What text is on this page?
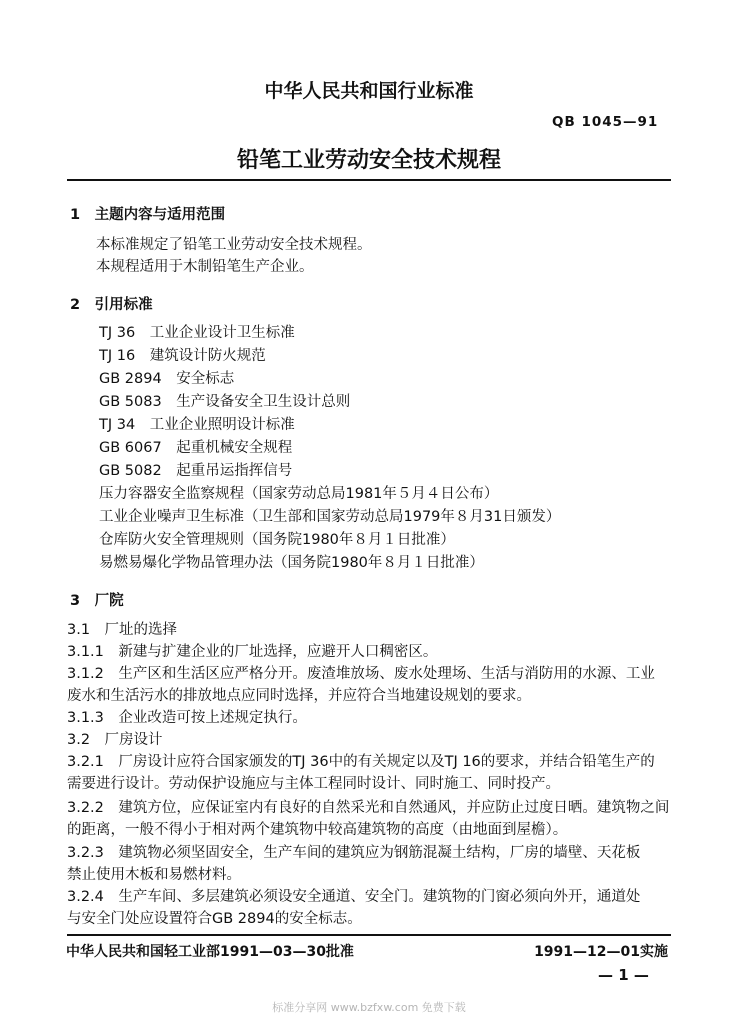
中华人民共和国行业标准
QB 1045—91
铅笔工业劳动安全技术规程
1　主题内容与适用范围
本标准规定了铅笔工业劳动安全技术规程。
本规程适用于木制铅笔生产企业。
2　引用标准
TJ 36　工业企业设计卫生标准
TJ 16　建筑设计防火规范
GB 2894　安全标志
GB 5083　生产设备安全卫生设计总则
TJ 34　工业企业照明设计标准
GB 6067　起重机械安全规程
GB 5082　起重吊运指挥信号
压力容器安全监察规程（国家劳动总局1981年５月４日公布）
工业企业噪声卫生标准（卫生部和国家劳动总局1979年８月31日颁发）
仓库防火安全管理规则（国务院1980年８月１日批准）
易燃易爆化学物品管理办法（国务院1980年８月１日批准）
3　厂院
3.1　厂址的选择
3.1.1　新建与扩建企业的厂址选择，应避开人口稠密区。
3.1.2　生产区和生活区应严格分开。废渣堆放场、废水处理场、生活与消防用的水源、工业
废水和生活污水的排放地点应同时选择，并应符合当地建设规划的要求。
3.1.3　企业改造可按上述规定执行。
3.2　厂房设计
3.2.1　厂房设计应符合国家颁发的TJ 36中的有关规定以及TJ 16的要求，并结合铅笔生产的
需要进行设计。劳动保护设施应与主体工程同时设计、同时施工、同时投产。
3.2.2　建筑方位，应保证室内有良好的自然采光和自然通风，并应防止过度日晒。建筑物之间
的距离，一般不得小于相对两个建筑物中较高建筑物的高度（由地面到屋檐）。
3.2.3　建筑物必须坚固安全，生产车间的建筑应为钢筋混凝土结构，厂房的墙壁、天花板
禁止使用木板和易燃材料。
3.2.4　生产车间、多层建筑必须设安全通道、安全门。建筑物的门窗必须向外开，通道处
与安全门处应设置符合GB 2894的安全标志。
中华人民共和国轻工业部1991—03—30批准	1991—12—01实施
— 1 —
标准分享网 www.bzfxw.com 免费下载
